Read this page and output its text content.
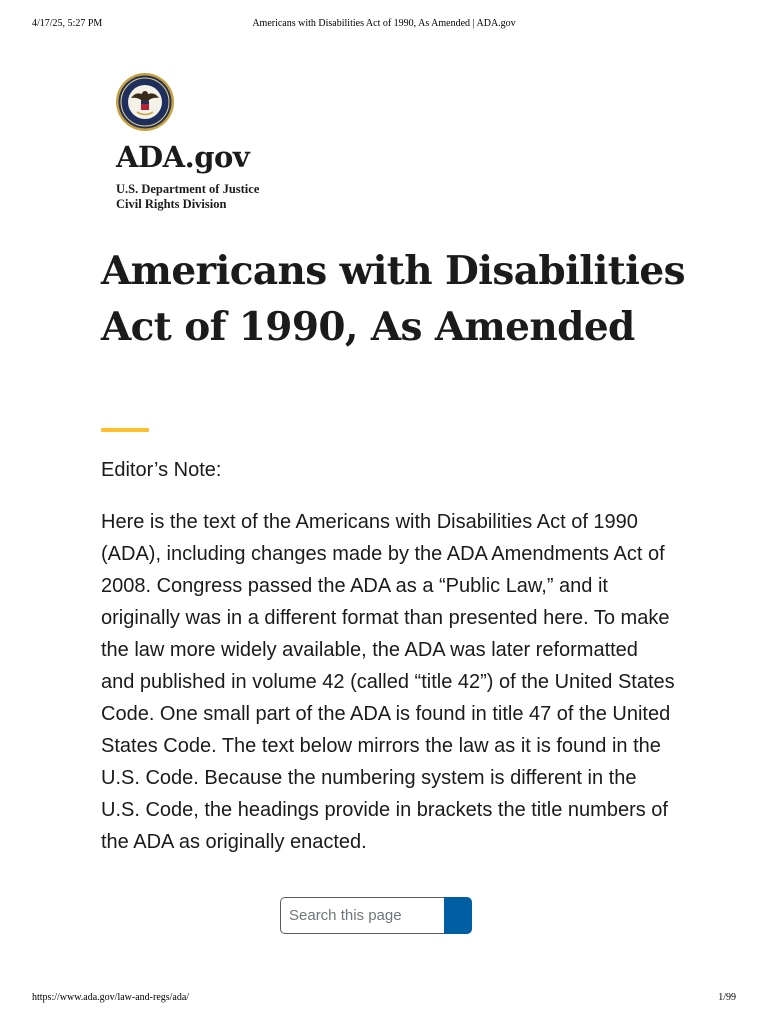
4/17/25, 5:27 PM	Americans with Disabilities Act of 1990, As Amended | ADA.gov
ADA.gov
U.S. Department of Justice
Civil Rights Division
Americans with Disabilities Act of 1990, As Amended
Editor’s Note:

Here is the text of the Americans with Disabilities Act of 1990 (ADA), including changes made by the ADA Amendments Act of 2008. Congress passed the ADA as a “Public Law,” and it originally was in a different format than presented here. To make the law more widely available, the ADA was later reformatted and published in volume 42 (called “title 42”) of the United States Code. One small part of the ADA is found in title 47 of the United States Code. The text below mirrors the law as it is found in the U.S. Code. Because the numbering system is different in the U.S. Code, the headings provide in brackets the title numbers of the ADA as originally enacted.

Search this page
https://www.ada.gov/law-and-regs/ada/	1/99
